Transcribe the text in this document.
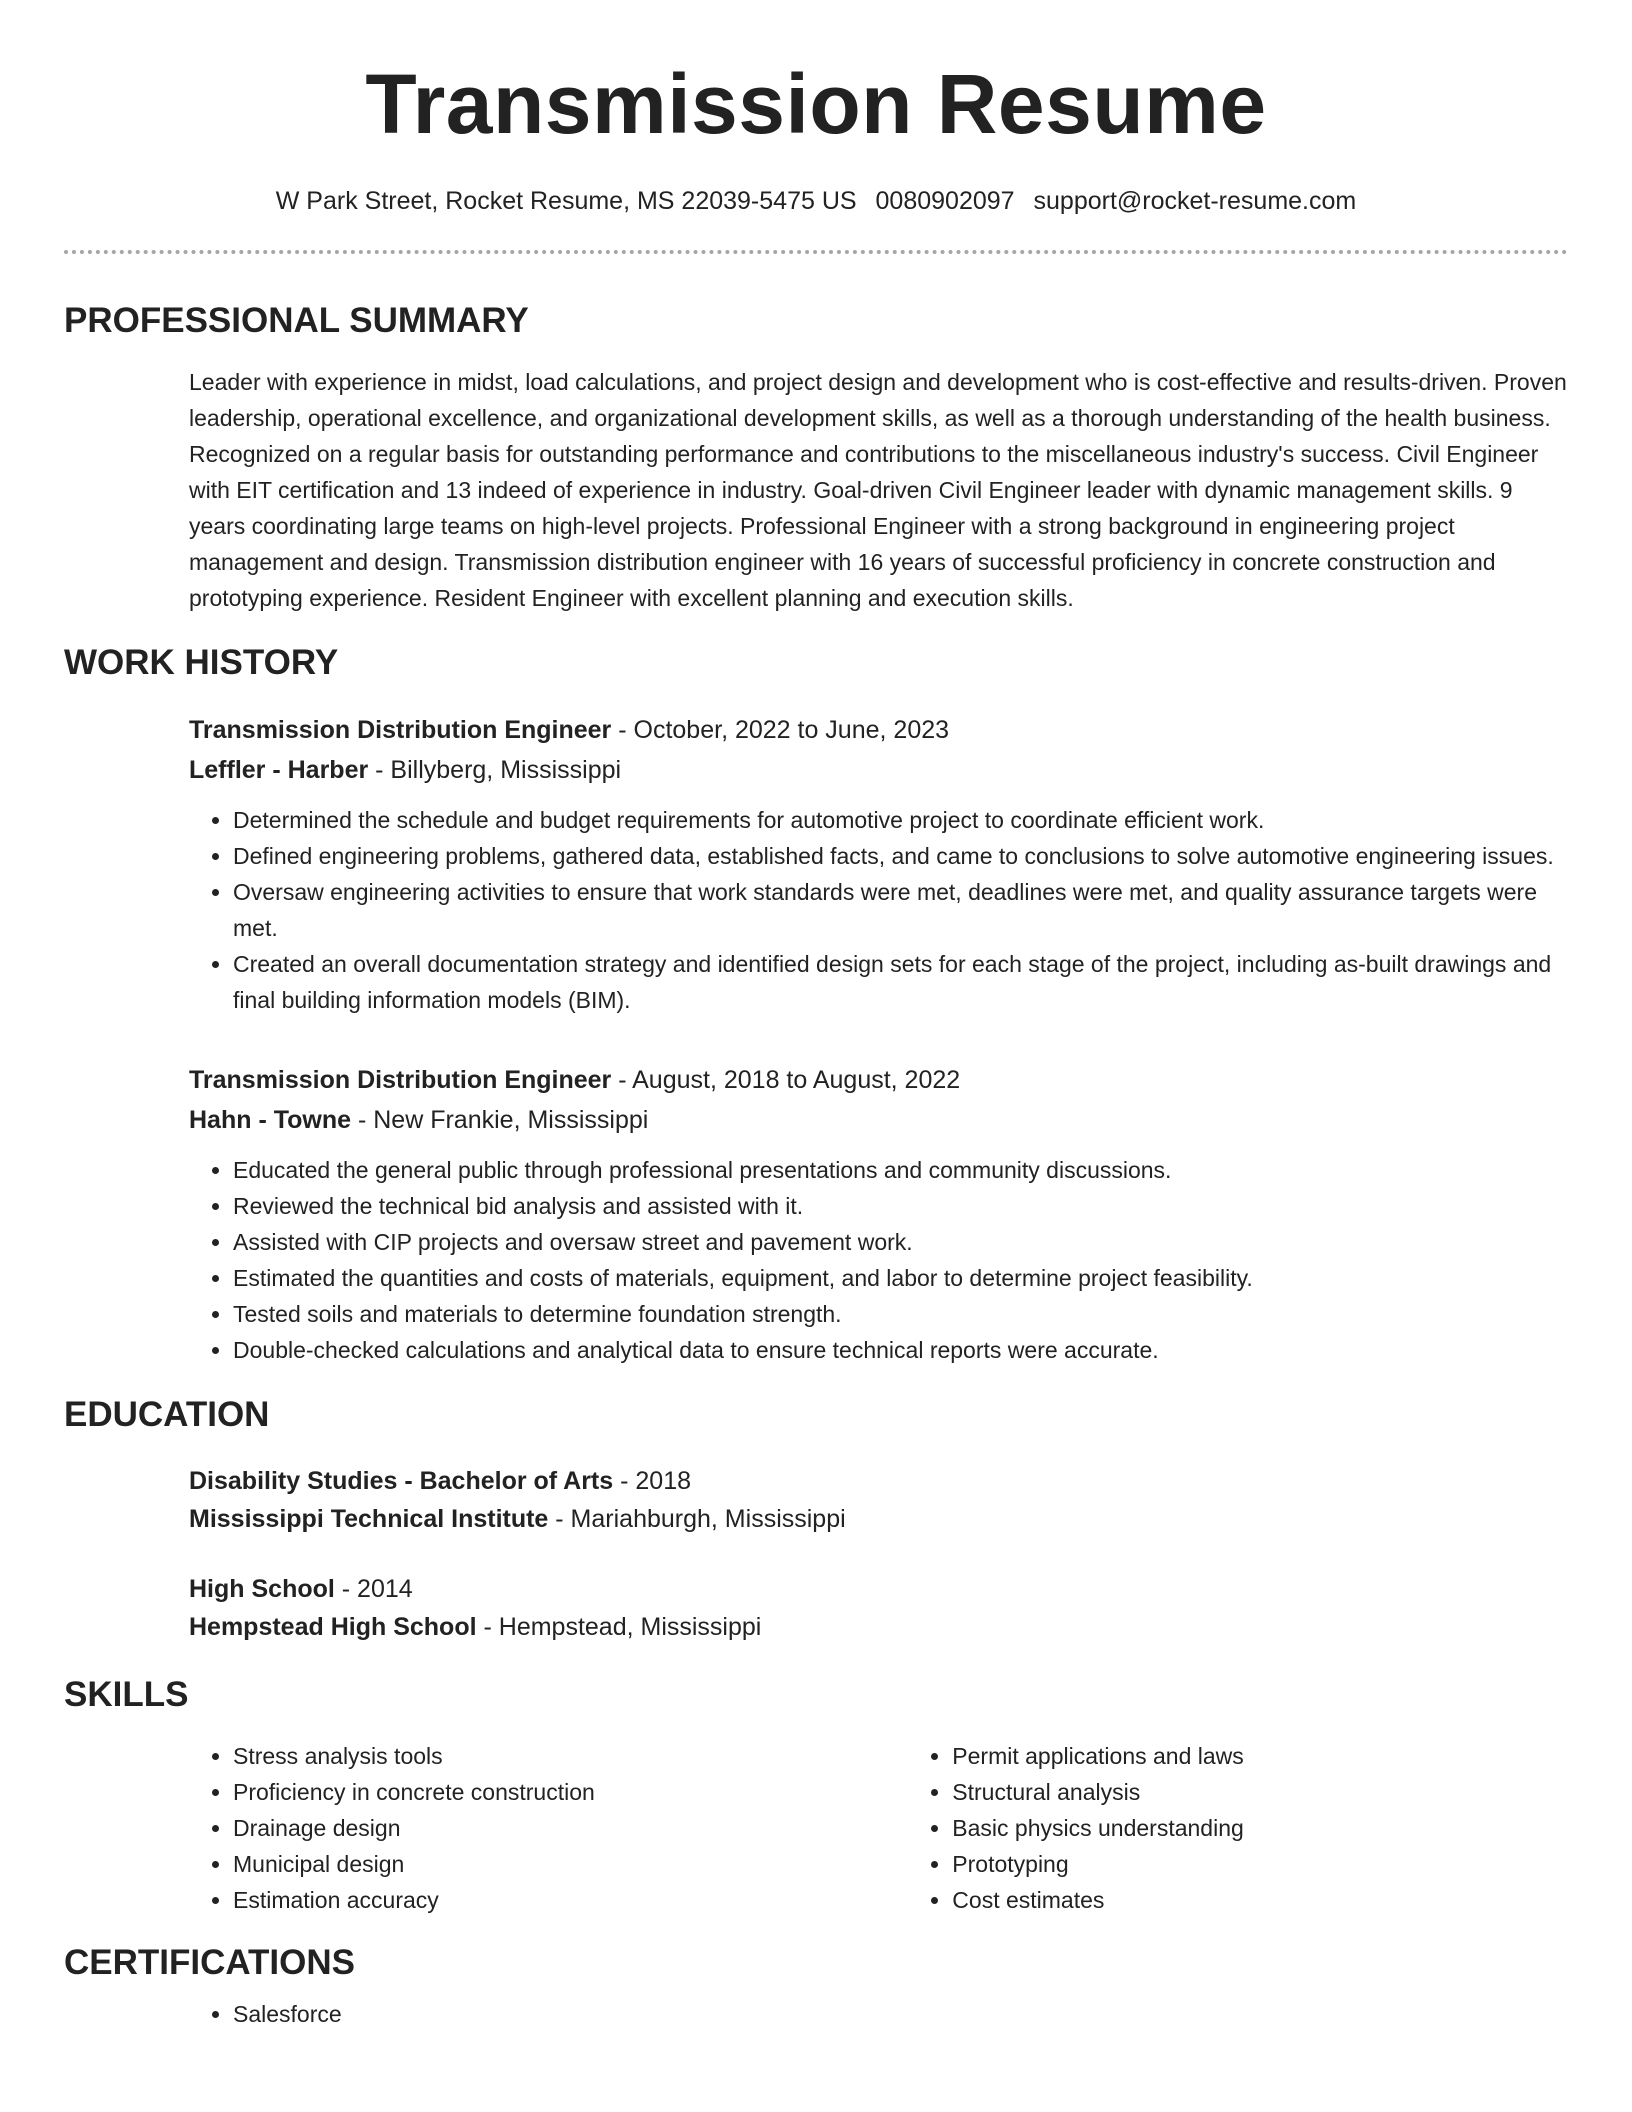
Transmission Resume
W Park Street, Rocket Resume, MS 22039-5475 US 0080902097 support@rocket-resume.com
PROFESSIONAL SUMMARY

Leader with experience in midst, load calculations, and project design and development who is cost-effective and results-driven. Proven leadership, operational excellence, and organizational development skills, as well as a thorough understanding of the health business. Recognized on a regular basis for outstanding performance and contributions to the miscellaneous industry's success. Civil Engineer with EIT certification and 13 indeed of experience in industry. Goal-driven Civil Engineer leader with dynamic management skills. 9 years coordinating large teams on high-level projects. Professional Engineer with a strong background in engineering project management and design. Transmission distribution engineer with 16 years of successful proficiency in concrete construction and prototyping experience. Resident Engineer with excellent planning and execution skills.

WORK HISTORY
Transmission Distribution Engineer - October, 2022 to June, 2023
Leffler - Harber - Billyberg, Mississippi
• Determined the schedule and budget requirements for automotive project to coordinate efficient work.
• Defined engineering problems, gathered data, established facts, and came to conclusions to solve automotive engineering issues.
• Oversaw engineering activities to ensure that work standards were met, deadlines were met, and quality assurance targets were met.
• Created an overall documentation strategy and identified design sets for each stage of the project, including as-built drawings and final building information models (BIM).
Transmission Distribution Engineer - August, 2018 to August, 2022
Hahn - Towne - New Frankie, Mississippi
• Educated the general public through professional presentations and community discussions.
• Reviewed the technical bid analysis and assisted with it.
• Assisted with CIP projects and oversaw street and pavement work.
• Estimated the quantities and costs of materials, equipment, and labor to determine project feasibility.
• Tested soils and materials to determine foundation strength.
• Double-checked calculations and analytical data to ensure technical reports were accurate.
EDUCATION
Disability Studies - Bachelor of Arts - 2018
Mississippi Technical Institute - Mariahburgh, Mississippi
High School - 2014
Hempstead High School - Hempstead, Mississippi
SKILLS
• Stress analysis tools
• Proficiency in concrete construction
• Drainage design
• Municipal design
• Estimation accuracy
• Permit applications and laws
• Structural analysis
• Basic physics understanding
• Prototyping
• Cost estimates
CERTIFICATIONS
• Salesforce
